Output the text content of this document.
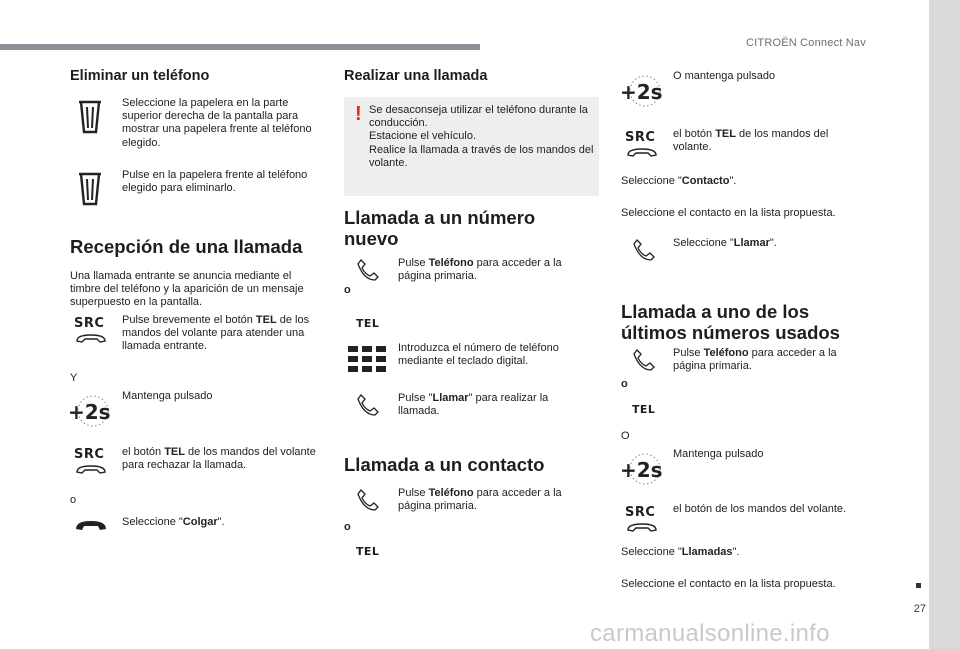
CITROËN Connect Nav
27
carmanualsonline.info
Eliminar un teléfono
Seleccione la papelera en la parte superior derecha de la pantalla para mostrar una papelera frente al teléfono elegido.
Pulse en la papelera frente al teléfono elegido para eliminarlo.
Recepción de una llamada
Una llamada entrante se anuncia mediante el timbre del teléfono y la aparición de un mensaje superpuesto en la pantalla.
SRC	Pulse brevemente el botón TEL de los mandos del volante para atender una llamada entrante.
Y
+2s
Mantenga pulsado
SRC	el botón TEL de los mandos del volante para rechazar la llamada.
o
Seleccione "Colgar".
Realizar una llamada
! Se desaconseja utilizar el teléfono durante la conducción.
Estacione el vehículo.
Realice la llamada a través de los mandos del volante.
Llamada a un número nuevo
Pulse Teléfono para acceder a la página primaria.
o
TEL
Introduzca el número de teléfono mediante el teclado digital.
Pulse "Llamar" para realizar la llamada.
Llamada a un contacto
Pulse Teléfono para acceder a la página primaria.
o
TEL
+2s
O mantenga pulsado
SRC	el botón TEL de los mandos del volante.
Seleccione "Contacto".
Seleccione el contacto en la lista propuesta.
Seleccione "Llamar".
Llamada a uno de los últimos números usados
Pulse Teléfono para acceder a la página primaria.
o
TEL
O
+2s
Mantenga pulsado
SRC	el botón de los mandos del volante.
Seleccione "Llamadas".
Seleccione el contacto en la lista propuesta.
